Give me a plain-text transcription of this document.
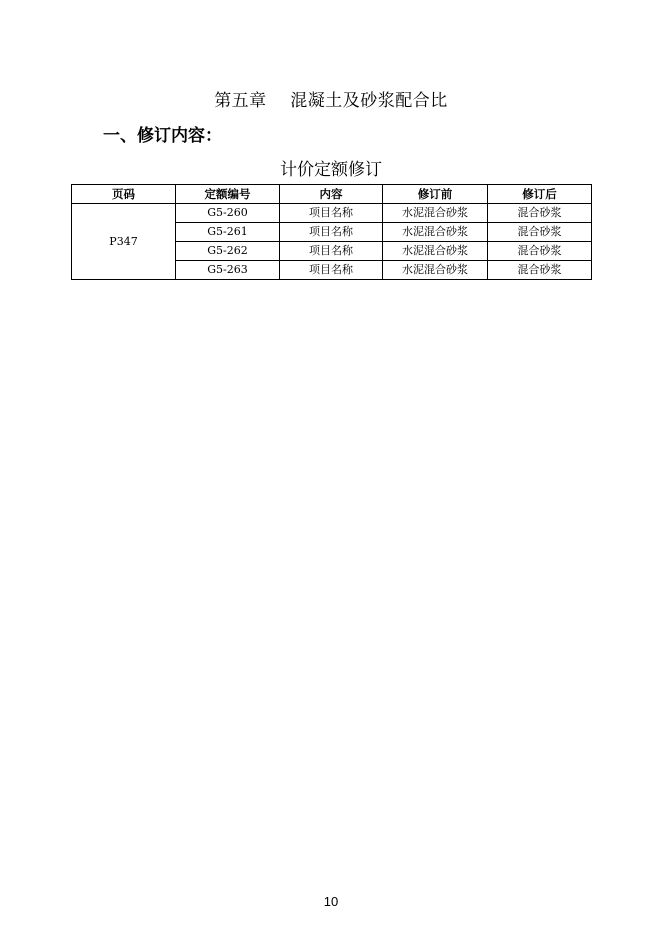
第五章    混凝土及砂浆配合比
一、修订内容：
计价定额修订
页码	定额编号	内容	修订前	修订后
P347	G5-260	项目名称	水泥混合砂浆	混合砂浆
	G5-261	项目名称	水泥混合砂浆	混合砂浆
	G5-262	项目名称	水泥混合砂浆	混合砂浆
	G5-263	项目名称	水泥混合砂浆	混合砂浆
10
